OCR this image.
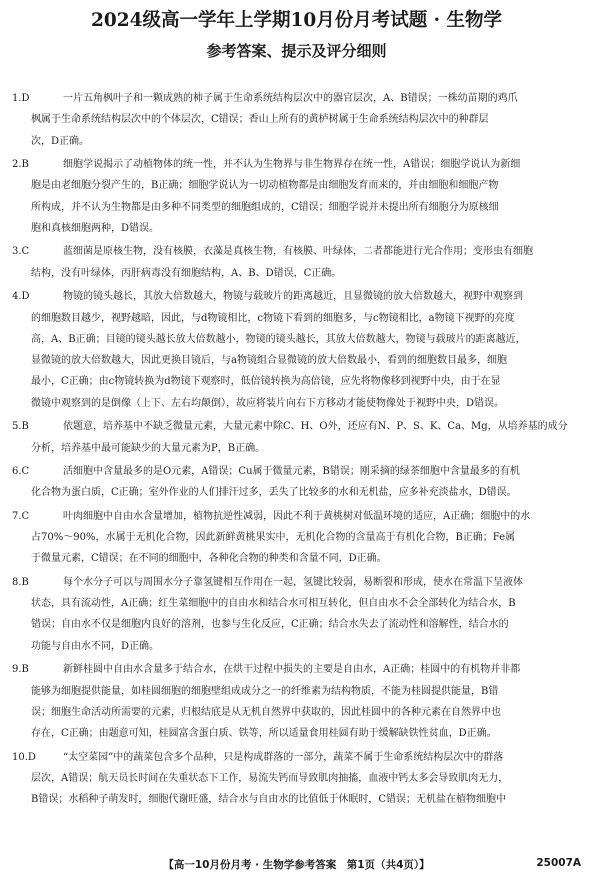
2024级高一学年上学期10月份月考试题 · 生物学
参考答案、提示及评分细则
1.D	一片五角枫叶子和一颗成熟的柿子属于生命系统结构层次中的器官层次，A、B错误；一株幼苗期的鸡爪
枫属于生命系统结构层次中的个体层次，C错误；香山上所有的黄栌树属于生命系统结构层次中的种群层
次，D正确。
2.B	细胞学说揭示了动植物体的统一性，并不认为生物界与非生物界存在统一性，A错误；细胞学说认为新细
胞是由老细胞分裂产生的，B正确；细胞学说认为一切动植物都是由细胞发育而来的，并由细胞和细胞产物
所构成，并不认为生物都是由多种不同类型的细胞组成的，C错误；细胞学说并未提出所有细胞分为原核细
胞和真核细胞两种，D错误。
3.C	蓝细菌是原核生物，没有核膜，衣藻是真核生物，有核膜、叶绿体，二者都能进行光合作用；变形虫有细胞
结构，没有叶绿体，丙肝病毒没有细胞结构，A、B、D错误，C正确。
4.D	物镜的镜头越长，其放大倍数越大，物镜与载玻片的距离越近，且显微镜的放大倍数越大，视野中观察到
的细胞数目越少，视野越暗，因此，与d物镜相比，c物镜下看到的细胞多，与c物镜相比，a物镜下视野的亮度
高，A、B正确；目镜的镜头越长放大倍数越小，物镜的镜头越长，其放大倍数越大，物镜与载玻片的距离越近，
显微镜的放大倍数越大，因此更换目镜后，与a物镜组合显微镜的放大倍数最小，看到的细胞数目最多，细胞
最小，C正确；由c物镜转换为d物镜下观察时，低倍镜转换为高倍镜，应先将物像移到视野中央，由于在显
微镜中观察到的是倒像（上下、左右均颠倒），故应将装片向右下方移动才能使物像处于视野中央，D错误。
5.B	依题意，培养基中不缺乏微量元素，大量元素中除C、H、O外，还应有N、P、S、K、Ca、Mg，从培养基的成分
分析，培养基中最可能缺少的大量元素为P，B正确。
6.C	活细胞中含量最多的是O元素，A错误；Cu属于微量元素，B错误；刚采摘的绿茶细胞中含量最多的有机
化合物为蛋白质，C正确；室外作业的人们排汗过多，丢失了比较多的水和无机盐，应多补充淡盐水，D错误。
7.C	叶肉细胞中自由水含量增加，植物抗逆性减弱，因此不利于黄桃树对低温环境的适应，A正确；细胞中的水
占70%～90%，水属于无机化合物，因此新鲜黄桃果实中，无机化合物的含量高于有机化合物，B正确；Fe属
于微量元素，C错误；在不同的细胞中，各种化合物的种类和含量不同，D正确。
8.B	每个水分子可以与周围水分子靠氢键相互作用在一起，氢键比较弱，易断裂和形成，使水在常温下呈液体
状态，具有流动性，A正确；红生菜细胞中的自由水和结合水可相互转化，但自由水不会全部转化为结合水，B
错误；自由水不仅是细胞内良好的溶剂，也参与生化反应，C正确；结合水失去了流动性和溶解性，结合水的
功能与自由水不同，D正确。
9.B	新鲜桂圆中自由水含量多于结合水，在烘干过程中损失的主要是自由水，A正确；桂圆中的有机物并非都
能够为细胞提供能量，如桂圆细胞的细胞壁组成成分之一的纤维素为结构物质，不能为桂圆提供能量，B错
误；细胞生命活动所需要的元素，归根结底是从无机自然界中获取的，因此桂圆中的各种元素在自然界中也
存在，C正确；由题意可知，桂圆富含蛋白质、铁等，所以适量食用桂圆有助于缓解缺铁性贫血，D正确。
10.D	“太空菜园”中的蔬菜包含多个品种，只是构成群落的一部分，蔬菜不属于生命系统结构层次中的群落
层次，A错误；航天员长时间在失重状态下工作，易流失钙而导致肌肉抽搐，血液中钙太多会导致肌肉无力，
B错误；水稻种子萌发时，细胞代谢旺盛，结合水与自由水的比值低于休眠时，C错误；无机盐在植物细胞中
【高一10月份月考 · 生物学参考答案　第1页（共4页）】	25007A
